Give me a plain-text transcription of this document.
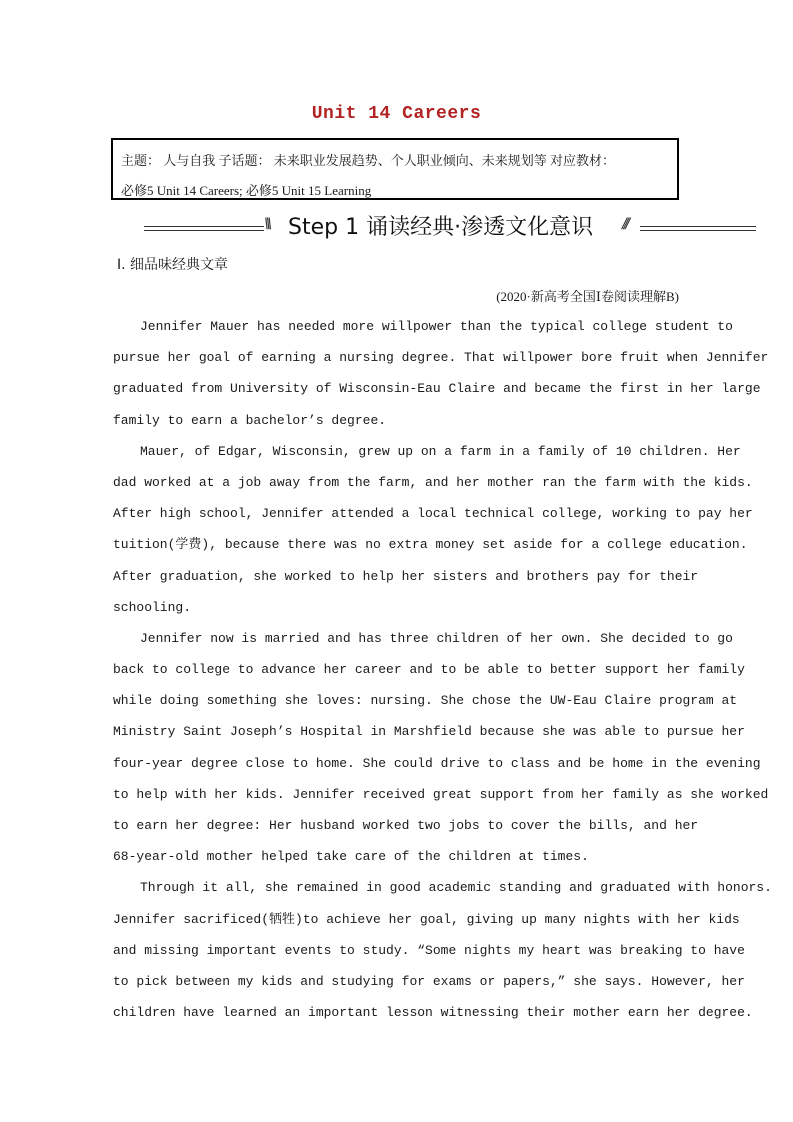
Unit 14 Careers
主题： 人与自我 子话题： 未来职业发展趋势、个人职业倾向、未来规划等 对应教材：
必修5 Unit 14 Careers; 必修5 Unit 15 Learning
\\\ Step 1 诵读经典·渗透文化意识 ///
Ⅰ. 细品味经典文章
(2020·新高考全国Ⅰ卷阅读理解B)
Jennifer Mauer has needed more willpower than the typical college student to
pursue her goal of earning a nursing degree. That willpower bore fruit when Jennifer
graduated from University of Wisconsin-Eau Claire and became the first in her large
family to earn a bachelor’s degree.
Mauer, of Edgar, Wisconsin, grew up on a farm in a family of 10 children. Her
dad worked at a job away from the farm, and her mother ran the farm with the kids.
After high school, Jennifer attended a local technical college, working to pay her
tuition(学费), because there was no extra money set aside for a college education.
After graduation, she worked to help her sisters and brothers pay for their
schooling.
Jennifer now is married and has three children of her own. She decided to go
back to college to advance her career and to be able to better support her family
while doing something she loves: nursing. She chose the UW-Eau Claire program at
Ministry Saint Joseph’s Hospital in Marshfield because she was able to pursue her
four-year degree close to home. She could drive to class and be home in the evening
to help with her kids. Jennifer received great support from her family as she worked
to earn her degree: Her husband worked two jobs to cover the bills, and her
68-year-old mother helped take care of the children at times.
Through it all, she remained in good academic standing and graduated with honors.
Jennifer sacrificed(牺牲)to achieve her goal, giving up many nights with her kids
and missing important events to study. “Some nights my heart was breaking to have
to pick between my kids and studying for exams or papers,” she says. However, her
children have learned an important lesson witnessing their mother earn her degree.
